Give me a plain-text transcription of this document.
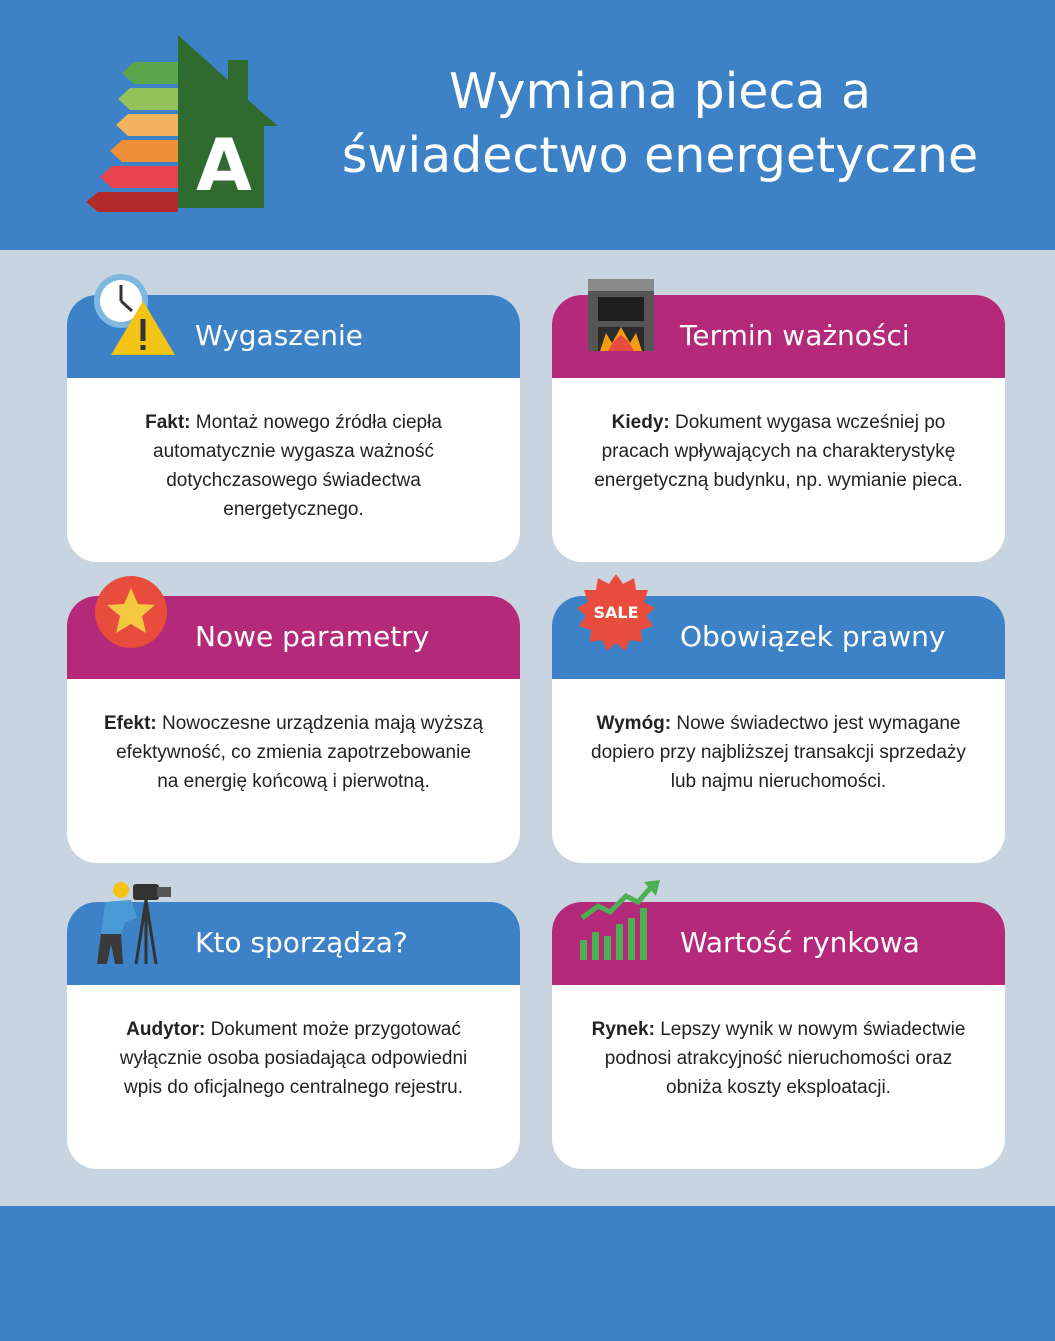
A
Wymiana pieca a
świadectwo energetyczne
Wygaszenie
Fakt: Montaż nowego źródła ciepła automatycznie wygasza ważność dotychczasowego świadectwa energetycznego.
Termin ważności
Kiedy: Dokument wygasa wcześniej po pracach wpływających na charakterystykę energetyczną budynku, np. wymianie pieca.
Nowe parametry
Efekt: Nowoczesne urządzenia mają wyższą efektywność, co zmienia zapotrzebowanie na energię końcową i pierwotną.
SALE
Obowiązek prawny
Wymóg: Nowe świadectwo jest wymagane dopiero przy najbliższej transakcji sprzedaży lub najmu nieruchomości.
Kto sporządza?
Audytor: Dokument może przygotować wyłącznie osoba posiadająca odpowiedni wpis do oficjalnego centralnego rejestru.
Wartość rynkowa
Rynek: Lepszy wynik w nowym świadectwie podnosi atrakcyjność nieruchomości oraz obniża koszty eksploatacji.
